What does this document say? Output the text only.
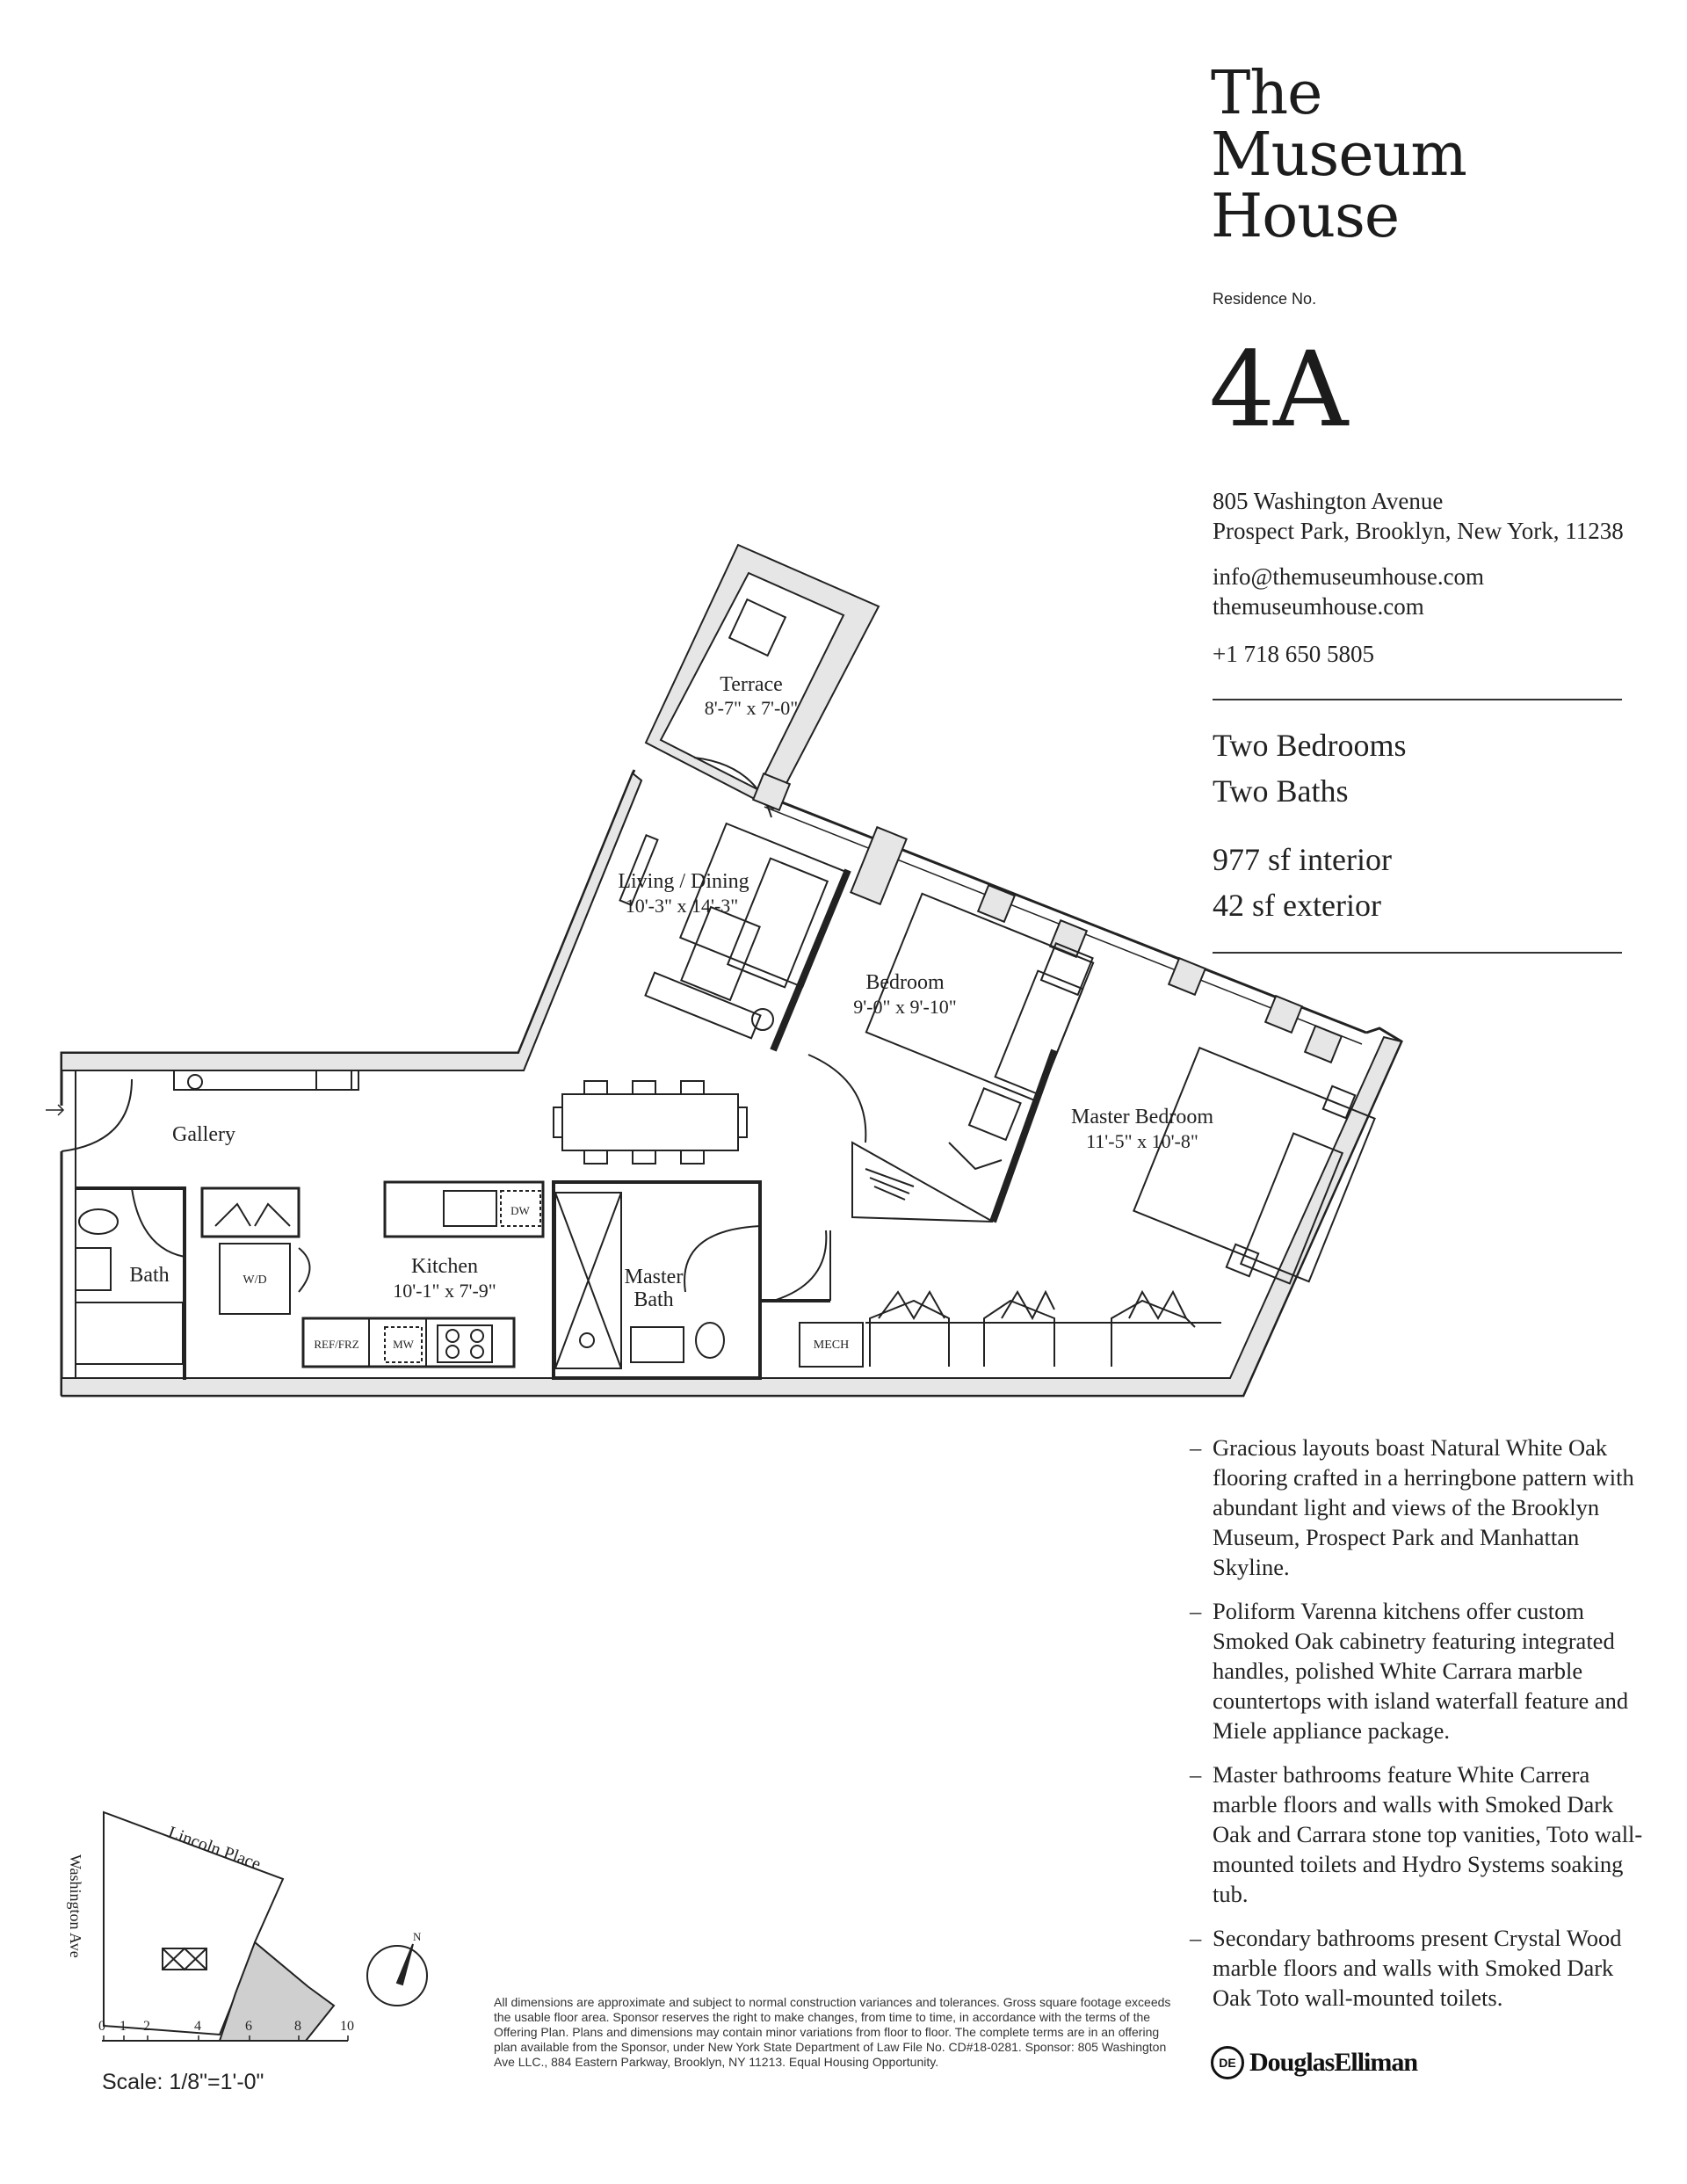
The
Museum
House
Residence No.
4A
805 Washington Avenue
Prospect Park, Brooklyn, New York, 11238
info@themuseumhouse.com
themuseumhouse.com
+1 718 650 5805
Two Bedrooms
Two Baths
977 sf interior
42 sf exterior
Terrace
8'-7" x 7'-0"
Living / Dining
10'-3" x 14'-3"
Bedroom
9'-0" x 9'-10"
Master Bedroom
11'-5" x 10'-8"
Gallery
Bath	Kitchen
10'-1" x 7'-9"
Master
Bath
DW
W/D
REF/FRZ	MW	MECH
– Gracious layouts boast Natural White Oak flooring crafted in a herringbone pattern with abundant light and views of the Brooklyn Museum, Prospect Park and Manhattan Skyline.
– Poliform Varenna kitchens offer custom Smoked Oak cabinetry featuring integrated handles, polished White Carrara marble countertops with island waterfall feature and Miele appliance package.
– Master bathrooms feature White Carrera marble floors and walls with Smoked Dark Oak and Carrara stone top vanities, Toto wall-mounted toilets and Hydro Systems soaking tub.
– Secondary bathrooms present Crystal Wood marble floors and walls with Smoked Dark Oak Toto wall-mounted toilets.
Lincoln Place
Washington Ave	N
0 1 2	4	6	8	10
Scale: 1/8"=1'-0"
All dimensions are approximate and subject to normal construction variances and tolerances. Gross square footage exceeds the usable floor area. Sponsor reserves the right to make changes, from time to time, in accordance with the terms of the Offering Plan. Plans and dimensions may contain minor variations from floor to floor. The complete terms are in an offering plan available from the Sponsor, under New York State Department of Law File No. CD#18-0281. Sponsor: 805 Washington Ave LLC., 884 Eastern Parkway, Brooklyn, NY 11213. Equal Housing Opportunity.	DE DouglasElliman
